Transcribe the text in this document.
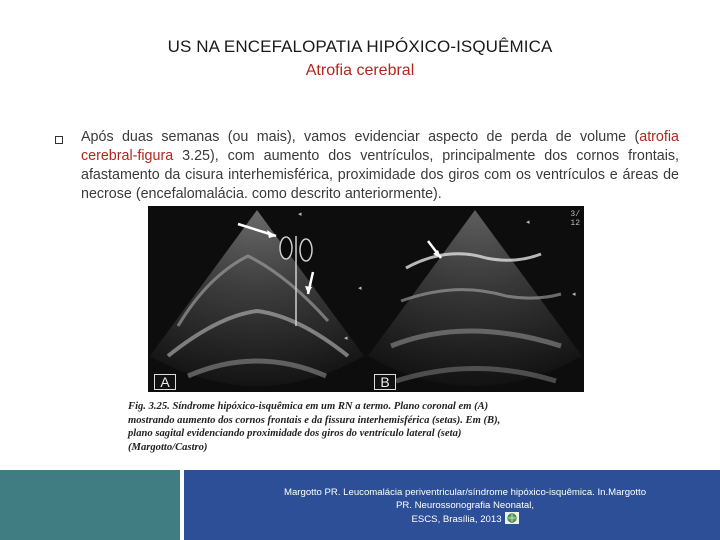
US NA ENCEFALOPATIA HIPÓXICO-ISQUÊMICA
Atrofia cerebral
Após duas semanas (ou mais), vamos evidenciar aspecto de perda de volume (atrofia cerebral-figura 3.25), com aumento dos ventrículos, principalmente dos cornos frontais, afastamento da cisura interhemisférica, proximidade dos giros com os ventrículos e áreas de necrose (encefalomalácia. como descrito anteriormente).
◂
◂
◂
A
◂
◂
3/
12
B
Fig. 3.25. Síndrome hipóxico-isquêmica em um RN a termo. Plano coronal em (A)
mostrando aumento dos cornos frontais e da fissura interhemisférica (setas). Em (B),
plano sagital evidenciando proximidade dos giros do ventrículo lateral (seta)
(Margotto/Castro)
Margotto PR. Leucomalácia periventricular/síndrome hipóxico-isquêmica. In.Margotto
PR. Neurossonografia Neonatal,
ESCS, Brasília, 2013
